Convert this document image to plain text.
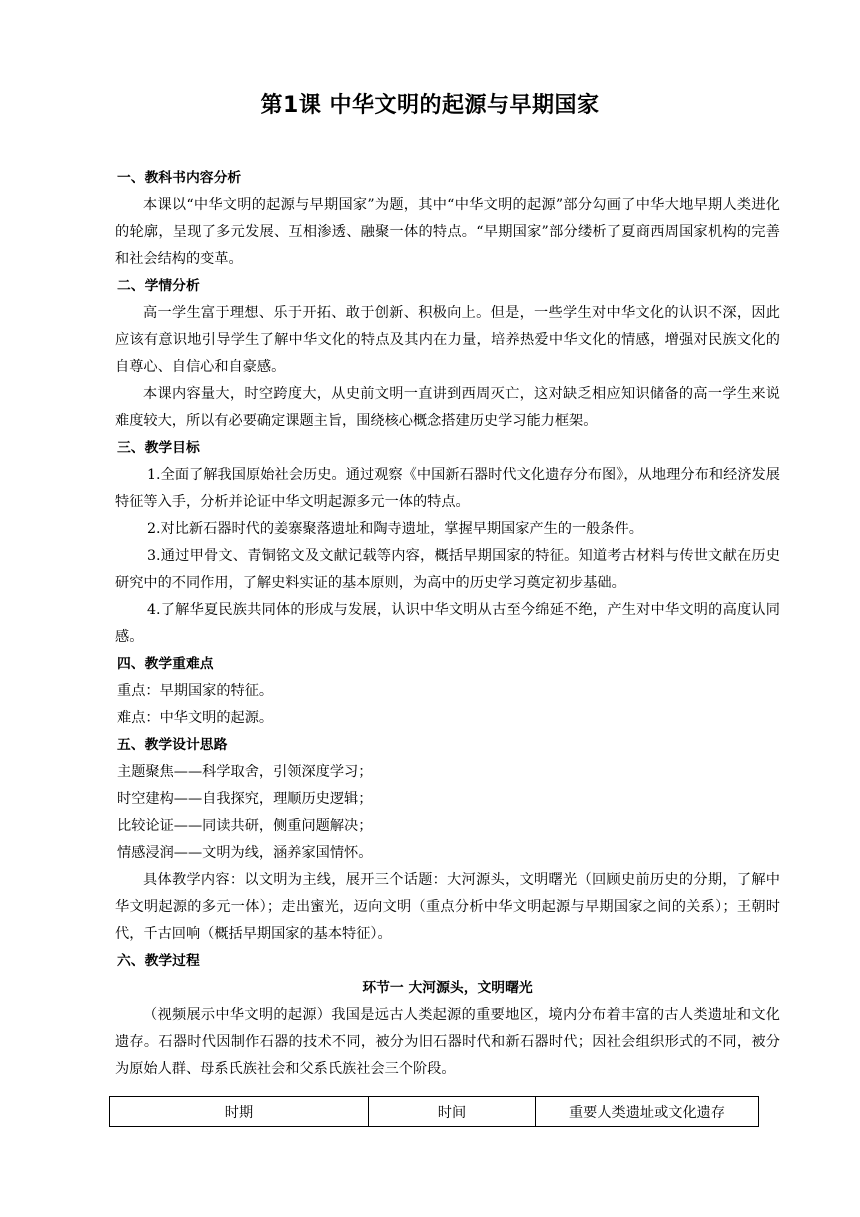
第1课 中华文明的起源与早期国家

一、教科书内容分析

本课以“中华文明的起源与早期国家”为题，其中“中华文明的起源”部分勾画了中华大地早期人类进化的轮廓，呈现了多元发展、互相渗透、融聚一体的特点。“早期国家”部分缕析了夏商西周国家机构的完善和社会结构的变革。

二、学情分析

高一学生富于理想、乐于开拓、敢于创新、积极向上。但是，一些学生对中华文化的认识不深，因此应该有意识地引导学生了解中华文化的特点及其内在力量，培养热爱中华文化的情感，增强对民族文化的自尊心、自信心和自豪感。

本课内容量大，时空跨度大，从史前文明一直讲到西周灭亡，这对缺乏相应知识储备的高一学生来说难度较大，所以有必要确定课题主旨，围绕核心概念搭建历史学习能力框架。

三、教学目标

1.全面了解我国原始社会历史。通过观察《中国新石器时代文化遗存分布图》，从地理分布和经济发展特征等入手，分析并论证中华文明起源多元一体的特点。

2.对比新石器时代的姜寨聚落遗址和陶寺遗址，掌握早期国家产生的一般条件。

3.通过甲骨文、青铜铭文及文献记载等内容，概括早期国家的特征。知道考古材料与传世文献在历史研究中的不同作用，了解史料实证的基本原则，为高中的历史学习奠定初步基础。

4.了解华夏民族共同体的形成与发展，认识中华文明从古至今绵延不绝，产生对中华文明的高度认同感。

四、教学重难点

重点：早期国家的特征。

难点：中华文明的起源。

五、教学设计思路

主题聚焦——科学取舍，引领深度学习；

时空建构——自我探究，理顺历史逻辑；

比较论证——同读共研，侧重问题解决；

情感浸润——文明为线，涵养家国情怀。

具体教学内容：以文明为主线，展开三个话题：大河源头，文明曙光（回顾史前历史的分期，了解中华文明起源的多元一体）；走出蜜光，迈向文明（重点分析中华文明起源与早期国家之间的关系）；王朝时代，千古回响（概括早期国家的基本特征）。

六、教学过程

环节一 大河源头，文明曙光

（视频展示中华文明的起源）我国是远古人类起源的重要地区，境内分布着丰富的古人类遗址和文化遗存。石器时代因制作石器的技术不同，被分为旧石器时代和新石器时代；因社会组织形式的不同，被分为原始人群、母系氏族社会和父系氏族社会三个阶段。

时期	时间	重要人类遗址或文化遗存
